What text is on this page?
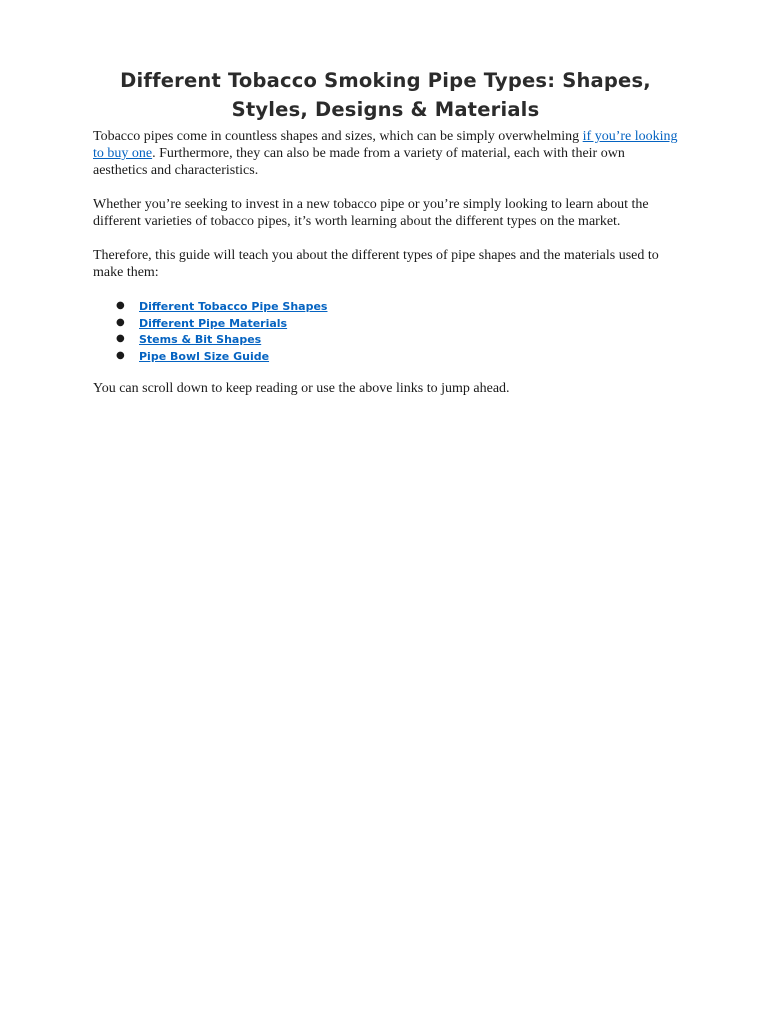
Different Tobacco Smoking Pipe Types: Shapes,
Styles, Designs & Materials

Tobacco pipes come in countless shapes and sizes, which can be simply overwhelming if you’re looking to buy one. Furthermore, they can also be made from a variety of material, each with their own aesthetics and characteristics.

Whether you’re seeking to invest in a new tobacco pipe or you’re simply looking to learn about the different varieties of tobacco pipes, it’s worth learning about the different types on the market.

Therefore, this guide will teach you about the different types of pipe shapes and the materials used to make them:

● Different Tobacco Pipe Shapes
● Different Pipe Materials
● Stems & Bit Shapes
● Pipe Bowl Size Guide

You can scroll down to keep reading or use the above links to jump ahead.
